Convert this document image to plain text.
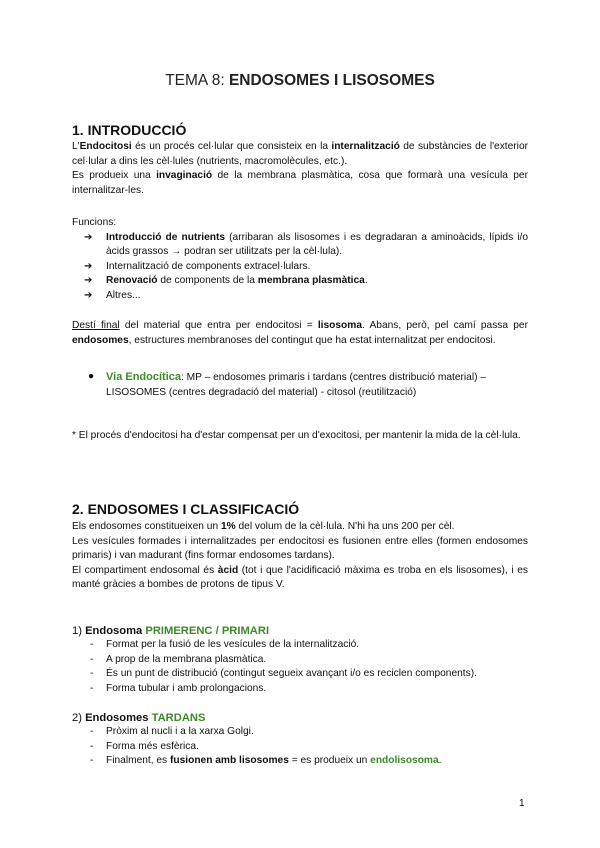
TEMA 8: ENDOSOMES I LISOSOMES
1. INTRODUCCIÓ

L'Endocitosi és un procés cel·lular que consisteix en la internalització de substàncies de l'exterior cel·lular a dins les cèl·lules (nutrients, macromolècules, etc.).

Es produeix una invaginació de la membrana plasmàtica, cosa que formarà una vesícula per internalitzar-les.

Funcions:

➔ Introducció de nutrients (arribaran als lisosomes i es degradaran a aminoàcids, lípids i/o àcids grassos → podran ser utilitzats per la cèl·lula).
➔ Internalització de components extracel·lulars.
➔ Renovació de components de la membrana plasmàtica.
➔ Altres...

Destí final del material que entra per endocitosi = lisosoma. Abans, però, pel camí passa per endosomes, estructures membranoses del contingut que ha estat internalitzat per endocitosi.

● Via Endocítica: MP – endosomes primaris i tardans (centres distribució material) – LISOSOMES (centres degradació del material) - citosol (reutilització)

* El procés d'endocitosi ha d'estar compensat per un d'exocitosi, per mantenir la mida de la cèl·lula.

2. ENDOSOMES I CLASSIFICACIÓ

Els endosomes constitueixen un 1% del volum de la cèl·lula. N'hi ha uns 200 per cèl.

Les vesícules formades i internalitzades per endocitosi es fusionen entre elles (formen endosomes primaris) i van madurant (fins formar endosomes tardans).

El compartiment endosomal és àcid (tot i que l'acidificació màxima es troba en els lisosomes), i es manté gràcies a bombes de protons de tipus V.

1) Endosoma PRIMERENC / PRIMARI
- Format per la fusió de les vesícules de la internalització.
- A prop de la membrana plasmàtica.
- És un punt de distribució (contingut segueix avançant i/o es reciclen components).
- Forma tubular i amb prolongacions.
2) Endosomes TARDANS
- Pròxim al nucli i a la xarxa Golgi.
- Forma més esfèrica.
- Finalment, es fusionen amb lisosomes = es produeix un endolisosoma.
1
